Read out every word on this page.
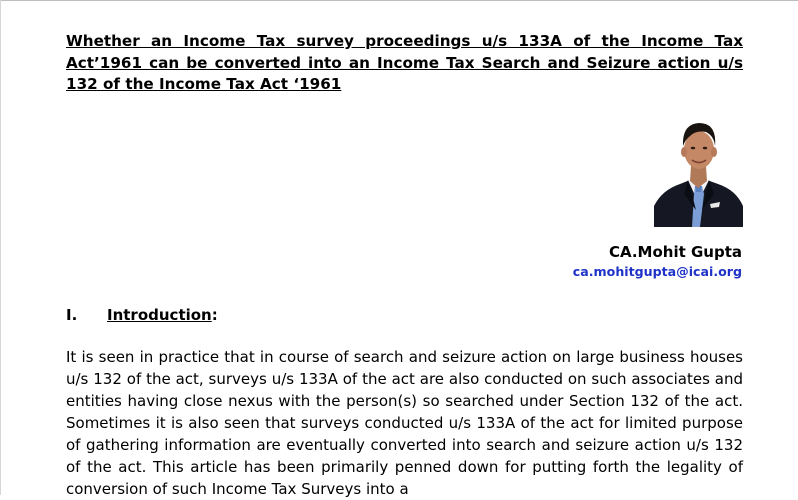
Whether an Income Tax survey proceedings u/s 133A of the Income Tax Act’1961 can be converted into an Income Tax Search and Seizure action u/s 132 of the Income Tax Act ‘1961

CA.Mohit Gupta
ca.mohitgupta@icai.org
I. Introduction:

It is seen in practice that in course of search and seizure action on large business houses u/s 132 of the act, surveys u/s 133A of the act are also conducted on such associates and entities having close nexus with the person(s) so searched under Section 132 of the act. Sometimes it is also seen that surveys conducted u/s 133A of the act for limited purpose of gathering information are eventually converted into search and seizure action u/s 132 of the act. This article has been primarily penned down for putting forth the legality of conversion of such Income Tax Surveys into a
